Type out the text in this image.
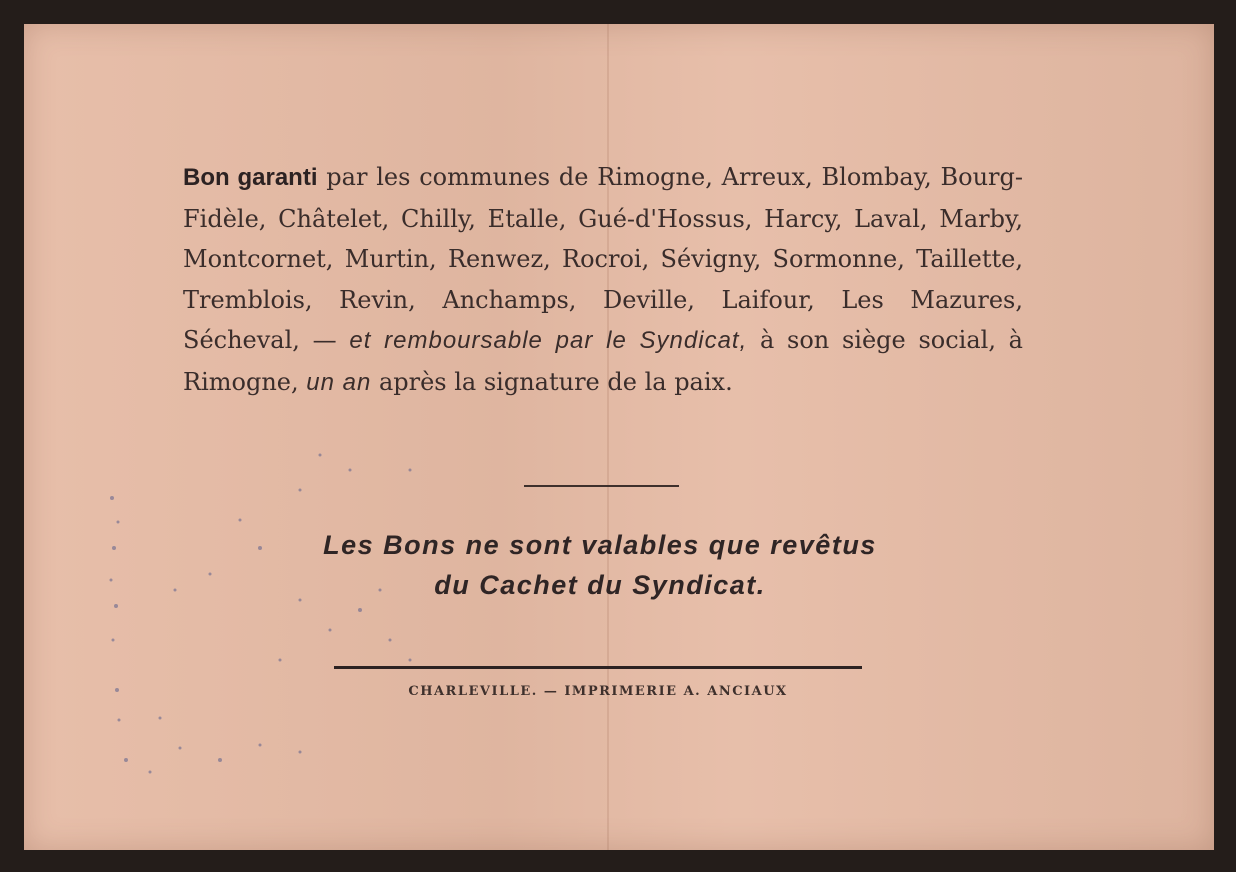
Bon garanti par les communes de Rimogne, Arreux, Blombay, Bourg-Fidèle, Châtelet, Chilly, Etalle, Gué-d'Hossus, Harcy, Laval, Marby, Montcornet, Murtin, Renwez, Rocroi, Sévigny, Sormonne, Taillette, Tremblois, Revin, Anchamps, Deville, Laifour, Les Mazures, Sécheval, — et remboursable par le Syndicat, à son siège social, à Rimogne, un an après la signature de la paix.
Les Bons ne sont valables que revêtus
du Cachet du Syndicat.
CHARLEVILLE. — IMPRIMERIE A. ANCIAUX
